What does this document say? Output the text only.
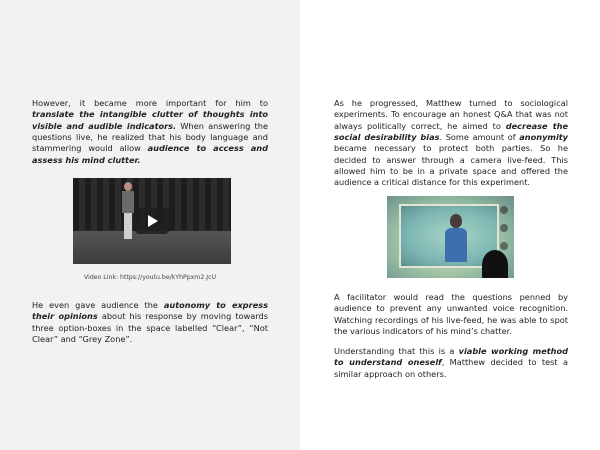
However, it became more important for him to translate the intangible clutter of thoughts into visible and audible indicators. When answering the questions live, he realized that his body language and stammering would allow audience to access and assess his mind clutter.

Video Link: https://youtu.be/kYhPpxm2.JcU

He even gave audience the autonomy to express their opinions about his response by moving towards three option-boxes in the space labelled “Clear”, “Not Clear” and “Grey Zone”.

As he progressed, Matthew turned to sociological experiments. To encourage an honest Q&A that was not always politically correct, he aimed to decrease the social desirability bias. Some amount of anonymity became necessary to protect both parties. So he decided to answer through a camera live-feed. This allowed him to be in a private space and offered the audience a critical distance for this experiment.

A facilitator would read the questions penned by audience to prevent any unwanted voice recognition. Watching recordings of his live-feed, he was able to spot the various indicators of his mind’s chatter.

Understanding that this is a viable working method to understand oneself, Matthew decided to test a similar approach on others.
